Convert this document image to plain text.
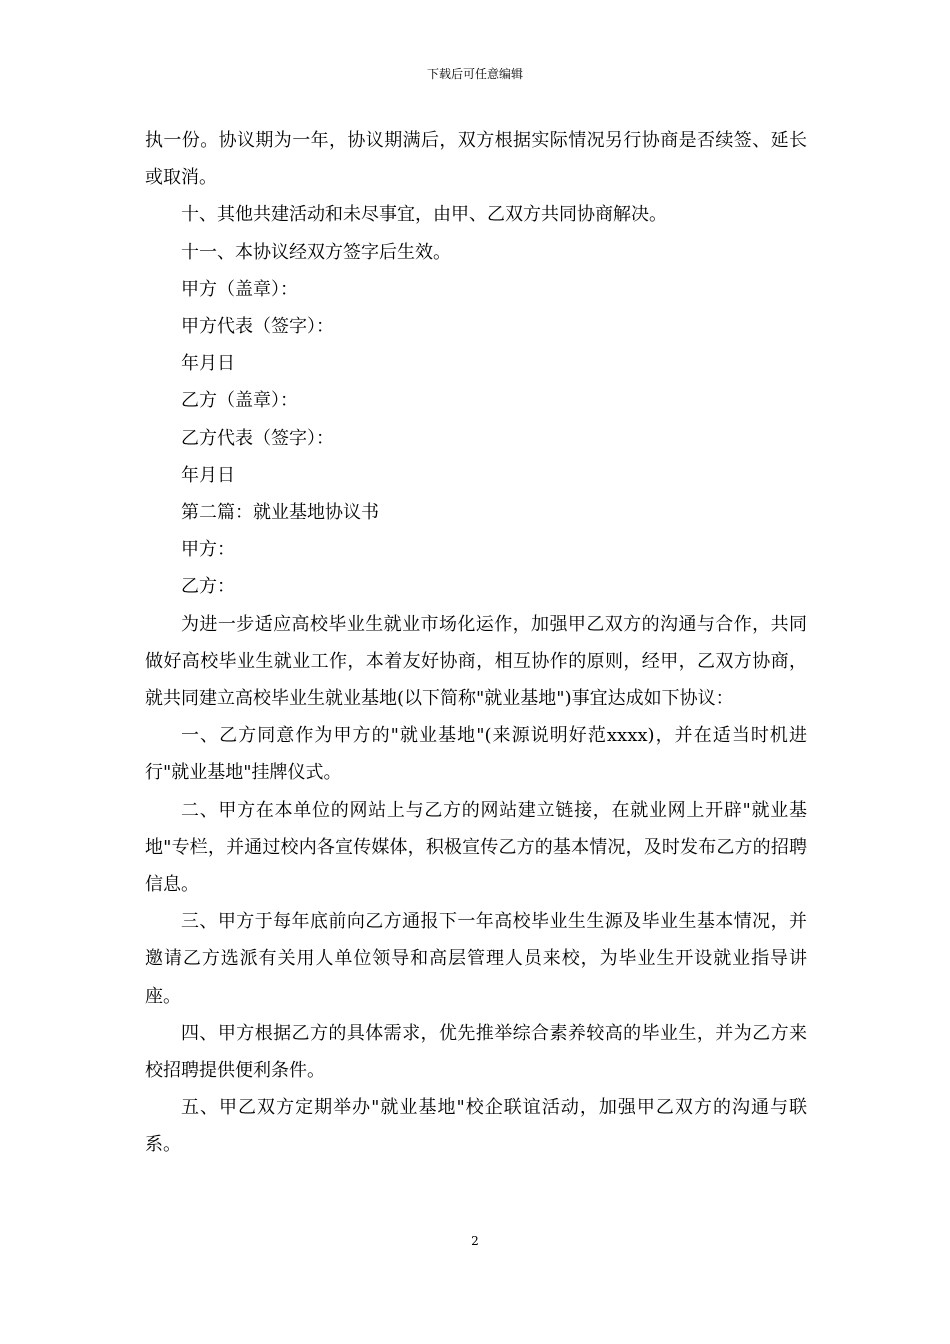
下载后可任意编辑

执一份。协议期为一年，协议期满后，双方根据实际情况另行协商是否续签、延长或取消。

十、其他共建活动和未尽事宜，由甲、乙双方共同协商解决。

十一、本协议经双方签字后生效。

甲方（盖章）：

甲方代表（签字）：

年月日

乙方（盖章）：

乙方代表（签字）：

年月日

第二篇：就业基地协议书

甲方：

乙方：

为进一步适应高校毕业生就业市场化运作，加强甲乙双方的沟通与合作，共同做好高校毕业生就业工作，本着友好协商，相互协作的原则，经甲，乙双方协商，就共同建立高校毕业生就业基地(以下简称"就业基地")事宜达成如下协议：

一、乙方同意作为甲方的"就业基地"(来源说明好范xxxx)，并在适当时机进行"就业基地"挂牌仪式。

二、甲方在本单位的网站上与乙方的网站建立链接，在就业网上开辟"就业基地"专栏，并通过校内各宣传媒体，积极宣传乙方的基本情况，及时发布乙方的招聘信息。

三、甲方于每年底前向乙方通报下一年高校毕业生生源及毕业生基本情况，并邀请乙方选派有关用人单位领导和高层管理人员来校，为毕业生开设就业指导讲座。

四、甲方根据乙方的具体需求，优先推举综合素养较高的毕业生，并为乙方来校招聘提供便利条件。

五、甲乙双方定期举办"就业基地"校企联谊活动，加强甲乙双方的沟通与联系。

2
